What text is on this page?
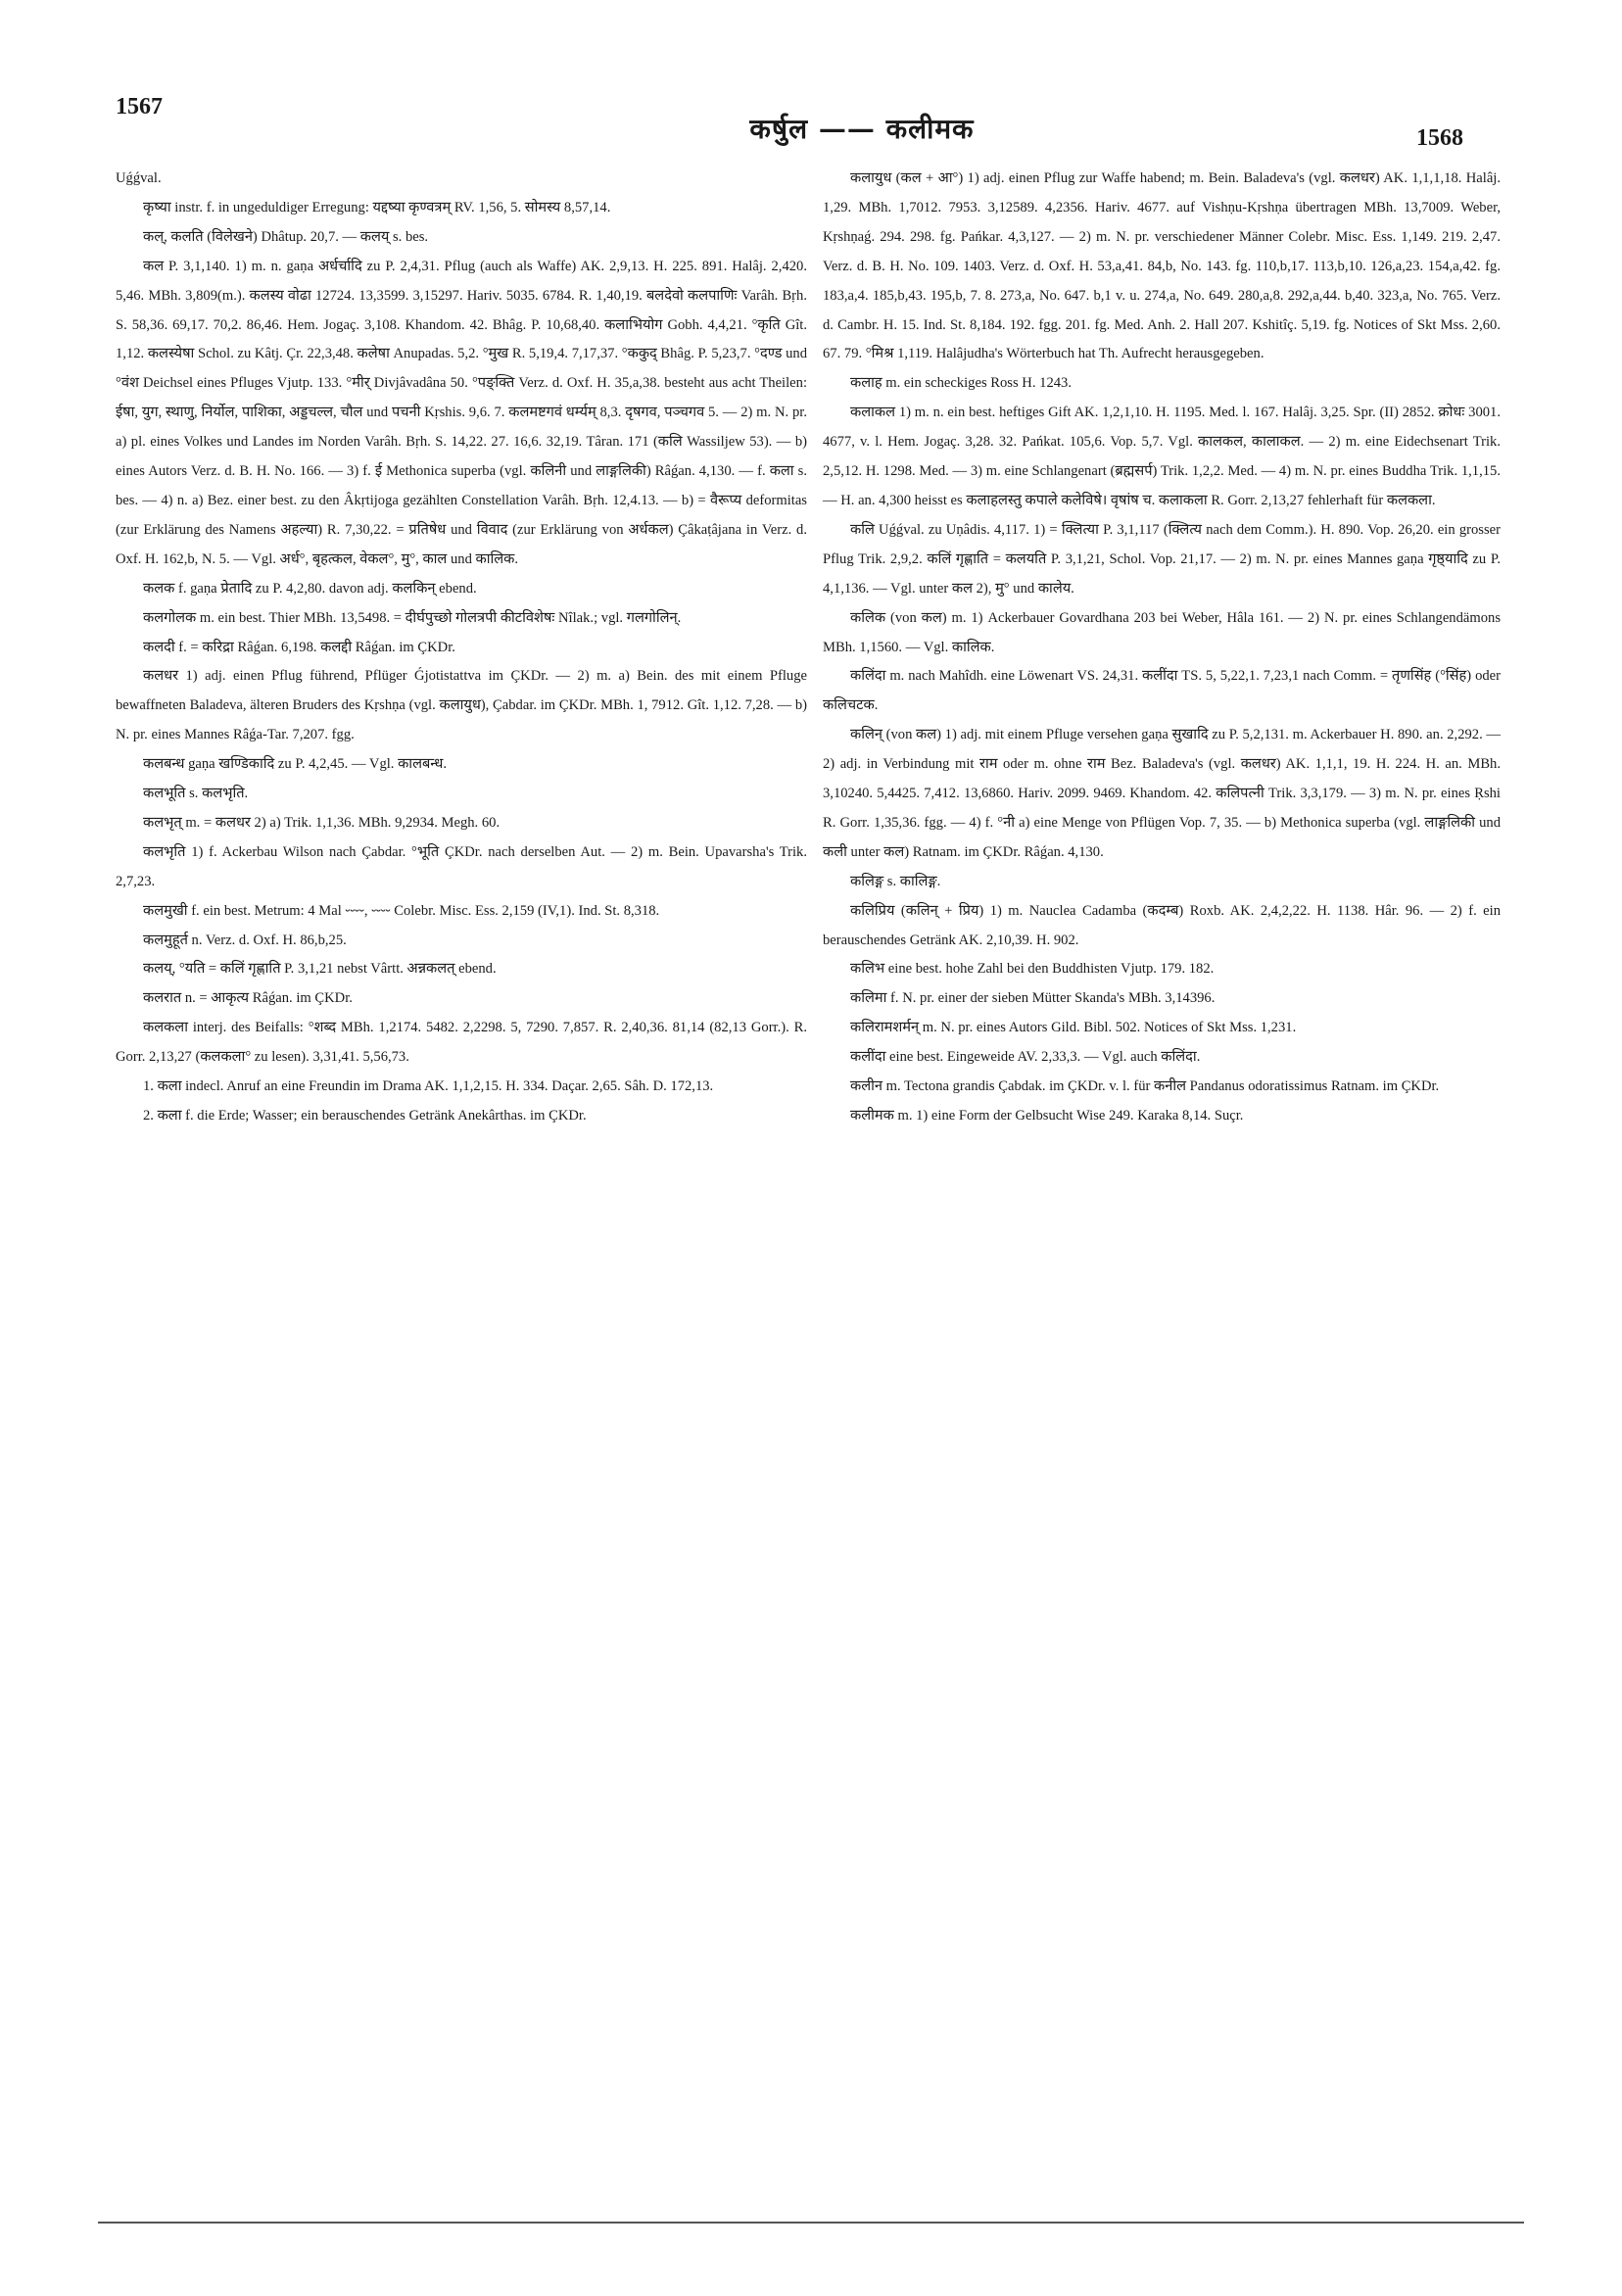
1567
कर्षुल —— कलीमक	1568

Uǵǵval.

कृष्या instr. f. in ungeduldiger Erregung: यद्दष्या कृण्वत्रम् RV. 1,56, 5. सोमस्य 8,57,14.

कल्, कलति (विलेखने) Dhâtup. 20,7. — कलय् s. bes.

कल P. 3,1,140. 1) m. n. gaṇa अर्धर्चादि zu P. 2,4,31. Pflug (auch als Waffe) AK. 2,9,13. H. 225. 891. Halâj. 2,420. 5,46. MBh. 3,809(m.). कलस्य वोढा 12724. 13,3599. 3,15297. Hariv. 5035. 6784. R. 1,40,19. बलदेवो कलपाणिः Varâh. Bṛh. S. 58,36. 69,17. 70,2. 86,46. Hem. Jogaç. 3,108. Khandom. 42. Bhâg. P. 10,68,40. कलाभियोग Gobh. 4,4,21. °कृति Gît. 1,12. कलस्येषा Schol. zu Kâtj. Çr. 22,3,48. कलेषा Anupadas. 5,2. °मुख R. 5,19,4. 7,17,37. °ककुद् Bhâg. P. 5,23,7. °दण्ड und °वंश Deichsel eines Pfluges Vjutp. 133. °मीर् Divjâvadâna 50. °पङ्क्ति Verz. d. Oxf. H. 35,a,38. besteht aus acht Theilen: ईषा, युग, स्थाणु, निर्योल, पाशिका, अड्डचल्ल, चौल und पचनी Kṛshis. 9,6. 7. कलमष्टगवं धर्म्यम् 8,3. दृषगव, पञ्चगव 5. — 2) m. N. pr. a) pl. eines Volkes und Landes im Norden Varâh. Bṛh. S. 14,22. 27. 16,6. 32,19. Târan. 171 (कलि Wassiljew 53). — b) eines Autors Verz. d. B. H. No. 166. — 3) f. ई Methonica superba (vgl. कलिनी und लाङ्गलिकी) Râǵan. 4,130. — f. कला s. bes. — 4) n. a) Bez. einer best. zu den Âkṛtijoga gezählten Constellation Varâh. Bṛh. 12,4.13. — b) = वैरूप्य deformitas (zur Erklärung des Namens अहल्या) R. 7,30,22. = प्रतिषेध und विवाद (zur Erklärung von अर्धकल) Çâkaṭâjana in Verz. d. Oxf. H. 162,b, N. 5. — Vgl. अर्ध°, बृहत्कल, वेकल°, मु°, काल und कालिक.

कलक f. gaṇa प्रेतादि zu P. 4,2,80. davon adj. कलकिन् ebend.

कलगोलक m. ein best. Thier MBh. 13,5498. = दीर्घपुच्छो गोलत्रपी कीटविशेषः Nîlak.; vgl. गलगोलिन्.

कलदी f. = करिद्रा Râǵan. 6,198. कलद्दी Râǵan. im ÇKDr.

कलधर 1) adj. einen Pflug führend, Pflüger Ǵjotistattva im ÇKDr. — 2) m. a) Bein. des mit einem Pfluge bewaffneten Baladeva, älteren Bruders des Kṛshṇa (vgl. कलायुध), Çabdar. im ÇKDr. MBh. 1, 7912. Gît. 1,12. 7,28. — b) N. pr. eines Mannes Râǵa-Tar. 7,207. fgg.

कलबन्ध gaṇa खण्डिकादि zu P. 4,2,45. — Vgl. कालबन्ध.

कलभूति s. कलभृति.

कलभृत् m. = कलधर 2) a) Trik. 1,1,36. MBh. 9,2934. Megh. 60.

कलभृति 1) f. Ackerbau Wilson nach Çabdar. °भूति ÇKDr. nach derselben Aut. — 2) m. Bein. Upavarsha's Trik. 2,7,23.

कलमुखी f. ein best. Metrum: 4 Mal ⏑⏑⏑⏑, ⏑⏑⏑⏑ Colebr. Misc. Ess. 2,159 (IV,1). Ind. St. 8,318.

कलमुहूर्त n. Verz. d. Oxf. H. 86,b,25.

कलय्, °यति = कलिं गृह्णाति P. 3,1,21 nebst Vârtt. अन्नकलत् ebend.

कलरात n. = आकृत्य Râǵan. im ÇKDr.

कलकला interj. des Beifalls: °शब्द MBh. 1,2174. 5482. 2,2298. 5, 7290. 7,857. R. 2,40,36. 81,14 (82,13 Gorr.). R. Gorr. 2,13,27 (कलकला° zu lesen). 3,31,41. 5,56,73.

1. कला indecl. Anruf an eine Freundin im Drama AK. 1,1,2,15. H. 334. Daçar. 2,65. Sâh. D. 172,13.

2. कला f. die Erde; Wasser; ein berauschendes Getränk Anekârthas. im ÇKDr.

कलायुध (कल + आ°) 1) adj. einen Pflug zur Waffe habend; m. Bein. Baladeva's (vgl. कलधर) AK. 1,1,1,18. Halâj. 1,29. MBh. 1,7012. 7953. 3,12589. 4,2356. Hariv. 4677. auf Vishṇu-Kṛshṇa übertragen MBh. 13,7009. Weber, Kṛshṇaǵ. 294. 298. fg. Pańkar. 4,3,127. — 2) m. N. pr. verschiedener Männer Colebr. Misc. Ess. 1,149. 219. 2,47. Verz. d. B. H. No. 109. 1403. Verz. d. Oxf. H. 53,a,41. 84,b, No. 143. fg. 110,b,17. 113,b,10. 126,a,23. 154,a,42. fg. 183,a,4. 185,b,43. 195,b, 7. 8. 273,a, No. 647. b,1 v. u. 274,a, No. 649. 280,a,8. 292,a,44. b,40. 323,a, No. 765. Verz. d. Cambr. H. 15. Ind. St. 8,184. 192. fgg. 201. fg. Med. Anh. 2. Hall 207. Kshitîç. 5,19. fg. Notices of Skt Mss. 2,60. 67. 79. °मिश्र 1,119. Halâjudha's Wörterbuch hat Th. Aufrecht herausgegeben.

कलाह m. ein scheckiges Ross H. 1243.

कलाकल 1) m. n. ein best. heftiges Gift AK. 1,2,1,10. H. 1195. Med. l. 167. Halâj. 3,25. Spr. (II) 2852. क्रोधः 3001. 4677, v. l. Hem. Jogaç. 3,28. 32. Pańkat. 105,6. Vop. 5,7. Vgl. कालकल, कालाकल. — 2) m. eine Eidechsenart Trik. 2,5,12. H. 1298. Med. — 3) m. eine Schlangenart (ब्रह्मसर्प) Trik. 1,2,2. Med. — 4) m. N. pr. eines Buddha Trik. 1,1,15. — H. an. 4,300 heisst es कलाहलस्तु कपाले कलेविषे। वृषांष च. कलाकला R. Gorr. 2,13,27 fehlerhaft für कलकला.

कलि Uǵǵval. zu Uṇâdis. 4,117. 1) = क्लित्या P. 3,1,117 (क्लित्य nach dem Comm.). H. 890. Vop. 26,20. ein grosser Pflug Trik. 2,9,2. कलिं गृह्णाति = कलयति P. 3,1,21, Schol. Vop. 21,17. — 2) m. N. pr. eines Mannes gaṇa गृष्ठ्यादि zu P. 4,1,136. — Vgl. unter कल 2), मु° und कालेय.

कलिक (von कल) m. 1) Ackerbauer Govardhana 203 bei Weber, Hâla 161. — 2) N. pr. eines Schlangendämons MBh. 1,1560. — Vgl. कालिक.

कलिंदा m. nach Mahîdh. eine Löwenart VS. 24,31. कलींदा TS. 5, 5,22,1. 7,23,1 nach Comm. = तृणसिंह (°सिंह) oder कलिचटक.

कलिन् (von कल) 1) adj. mit einem Pfluge versehen gaṇa सुखादि zu P. 5,2,131. m. Ackerbauer H. 890. an. 2,292. — 2) adj. in Verbindung mit राम oder m. ohne राम Bez. Baladeva's (vgl. कलधर) AK. 1,1,1, 19. H. 224. H. an. MBh. 3,10240. 5,4425. 7,412. 13,6860. Hariv. 2099. 9469. Khandom. 42. कलिपत्नी Trik. 3,3,179. — 3) m. N. pr. eines Ṛshi R. Gorr. 1,35,36. fgg. — 4) f. °नी a) eine Menge von Pflügen Vop. 7, 35. — b) Methonica superba (vgl. लाङ्गलिकी und कली unter कल) Ratnam. im ÇKDr. Râǵan. 4,130.

कलिङ्ग s. कालिङ्ग.

कलिप्रिय (कलिन् + प्रिय) 1) m. Nauclea Cadamba (कदम्ब) Roxb. AK. 2,4,2,22. H. 1138. Hâr. 96. — 2) f. ein berauschendes Getränk AK. 2,10,39. H. 902.

कलिभ eine best. hohe Zahl bei den Buddhisten Vjutp. 179. 182.

कलिमा f. N. pr. einer der sieben Mütter Skanda's MBh. 3,14396.

कलिरामशर्मन् m. N. pr. eines Autors Gild. Bibl. 502. Notices of Skt Mss. 1,231.

कलींदा eine best. Eingeweide AV. 2,33,3. — Vgl. auch कलिंदा.

कलीन m. Tectona grandis Çabdak. im ÇKDr. v. l. für कनील Pandanus odoratissimus Ratnam. im ÇKDr.

कलीमक m. 1) eine Form der Gelbsucht Wise 249. Karaka 8,14. Suçr.
